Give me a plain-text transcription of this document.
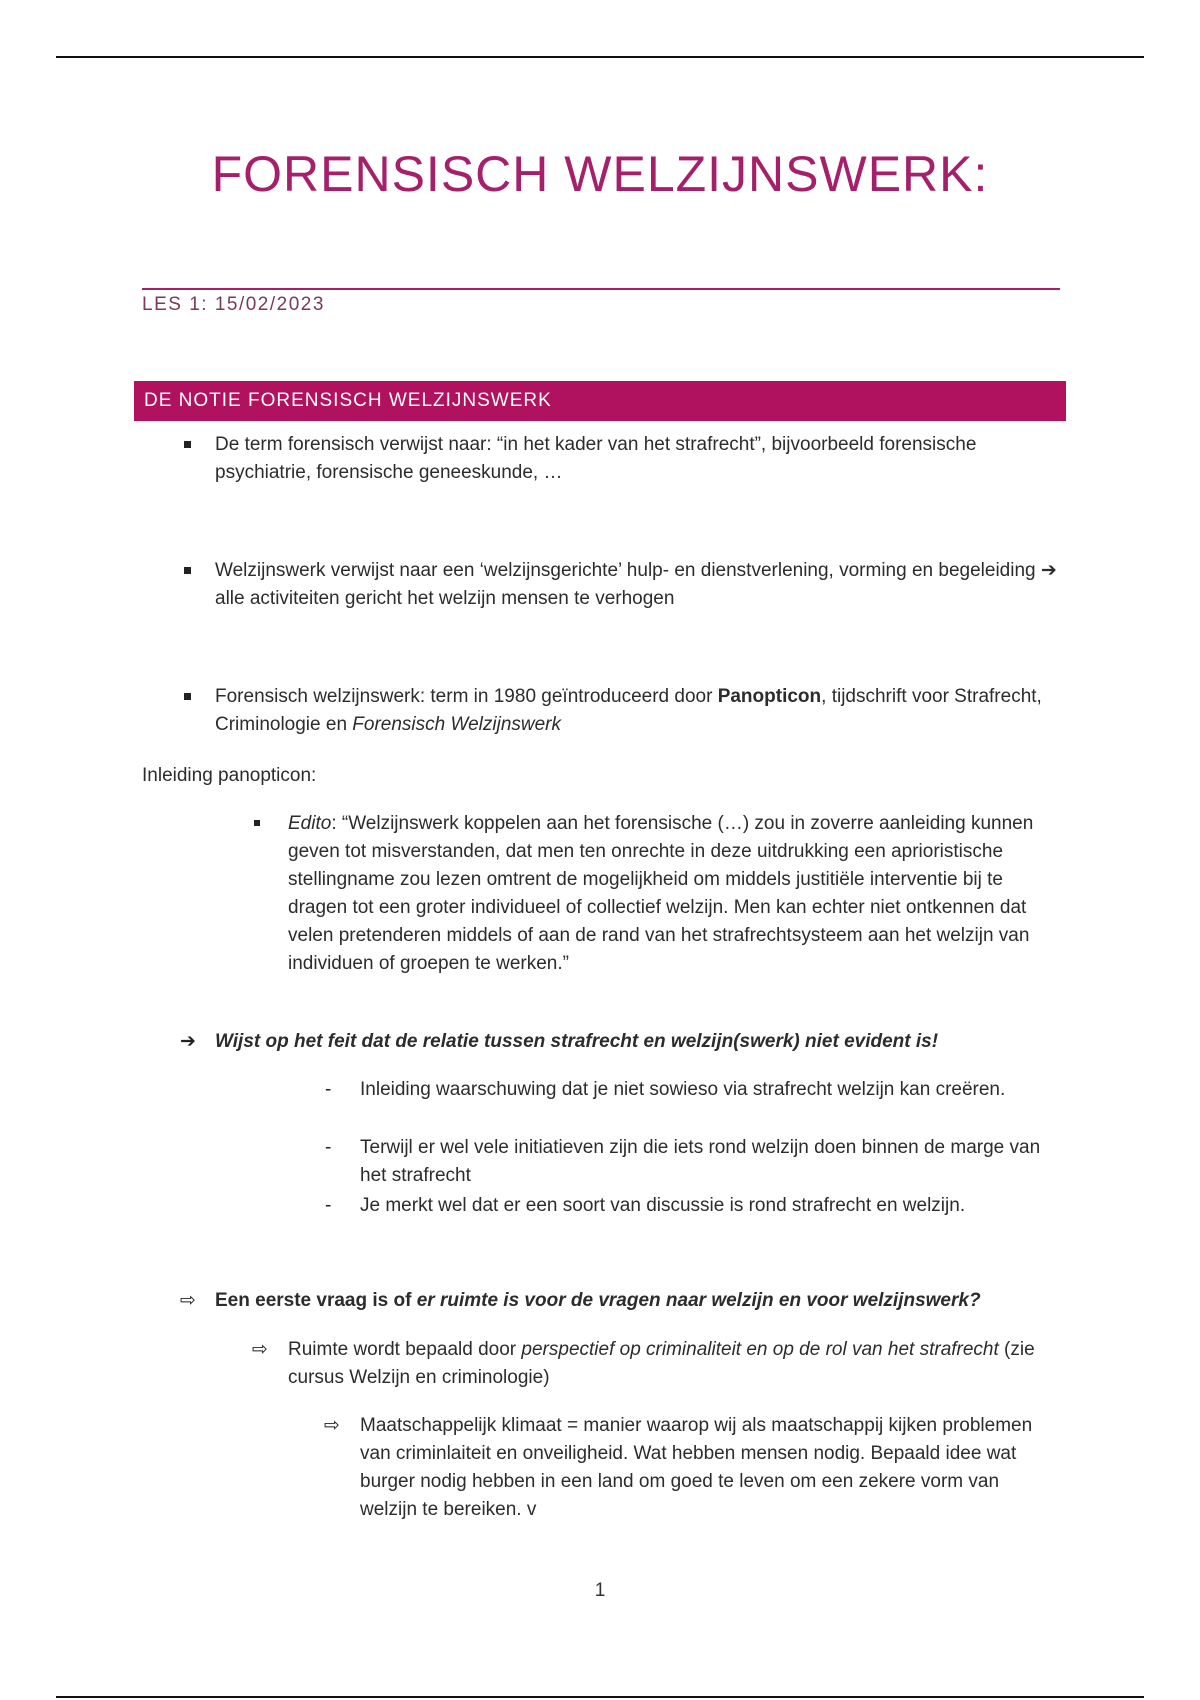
FORENSISCH WELZIJNSWERK:
LES 1: 15/02/2023
DE NOTIE FORENSISCH WELZIJNSWERK
De term forensisch verwijst naar: “in het kader van het strafrecht”, bijvoorbeeld forensische psychiatrie, forensische geneeskunde, …
Welzijnswerk verwijst naar een ‘welzijnsgerichte’ hulp- en dienstverlening, vorming en begeleiding ➔ alle activiteiten gericht het welzijn mensen te verhogen
Forensisch welzijnswerk: term in 1980 geïntroduceerd door Panopticon, tijdschrift voor Strafrecht, Criminologie en Forensisch Welzijnswerk
Inleiding panopticon:
Edito: “Welzijnswerk koppelen aan het forensische (…) zou in zoverre aanleiding kunnen geven tot misverstanden, dat men ten onrechte in deze uitdrukking een aprioristische stellingname zou lezen omtrent de mogelijkheid om middels justitiële interventie bij te dragen tot een groter individueel of collectief welzijn. Men kan echter niet ontkennen dat velen pretenderen middels of aan de rand van het strafrechtsysteem aan het welzijn van individuen of groepen te werken.”
➔ Wijst op het feit dat de relatie tussen strafrecht en welzijn(swerk) niet evident is!
- Inleiding waarschuwing dat je niet sowieso via strafrecht welzijn kan creëren.
- Terwijl er wel vele initiatieven zijn die iets rond welzijn doen binnen de marge van het strafrecht
- Je merkt wel dat er een soort van discussie is rond strafrecht en welzijn.
⇨ Een eerste vraag is of er ruimte is voor de vragen naar welzijn en voor welzijnswerk?
⇨ Ruimte wordt bepaald door perspectief op criminaliteit en op de rol van het strafrecht (zie cursus Welzijn en criminologie)
⇨ Maatschappelijk klimaat = manier waarop wij als maatschappij kijken problemen van criminlaiteit en onveiligheid. Wat hebben mensen nodig. Bepaald idee wat burger nodig hebben in een land om goed te leven om een zekere vorm van welzijn te bereiken. v
1
